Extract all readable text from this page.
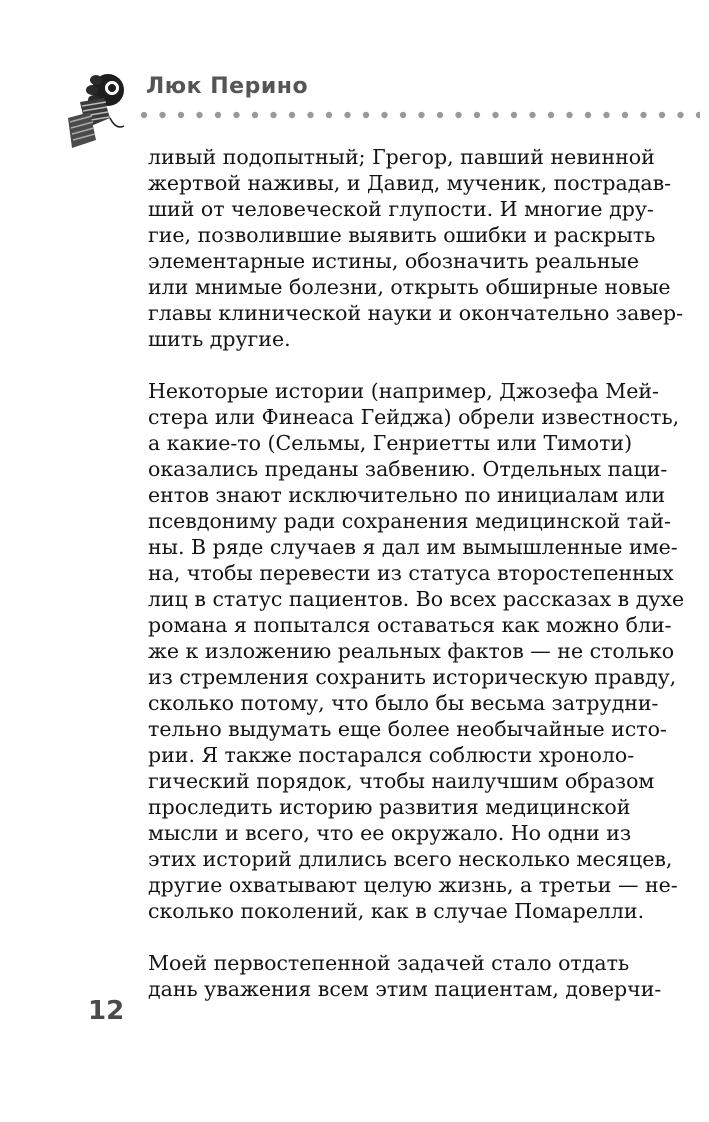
Люк Перино
ливый подопытный; Грегор, павший невинной
жертвой наживы, и Давид, мученик, пострадав-
ший от человеческой глупости. И многие дру-
гие, позволившие выявить ошибки и раскрыть
элементарные истины, обозначить реальные
или мнимые болезни, открыть обширные новые
главы клинической науки и окончательно завер-
шить другие.
Некоторые истории (например, Джозефа Мей-
стера или Финеаса Гейджа) обрели известность,
а какие-то (Сельмы, Генриетты или Тимоти)
оказались преданы забвению. Отдельных паци-
ентов знают исключительно по инициалам или
псевдониму ради сохранения медицинской тай-
ны. В ряде случаев я дал им вымышленные име-
на, чтобы перевести из статуса второстепенных
лиц в статус пациентов. Во всех рассказах в духе
романа я попытался оставаться как можно бли-
же к изложению реальных фактов — не столько
из стремления сохранить историческую правду,
сколько потому, что было бы весьма затрудни-
тельно выдумать еще более необычайные исто-
рии. Я также постарался соблюсти хроноло-
гический порядок, чтобы наилучшим образом
проследить историю развития медицинской
мысли и всего, что ее окружало. Но одни из
этих историй длились всего несколько месяцев,
другие охватывают целую жизнь, а третьи — не-
сколько поколений, как в случае Помарелли.
Моей первостепенной задачей стало отдать
дань уважения всем этим пациентам, доверчи-
12
